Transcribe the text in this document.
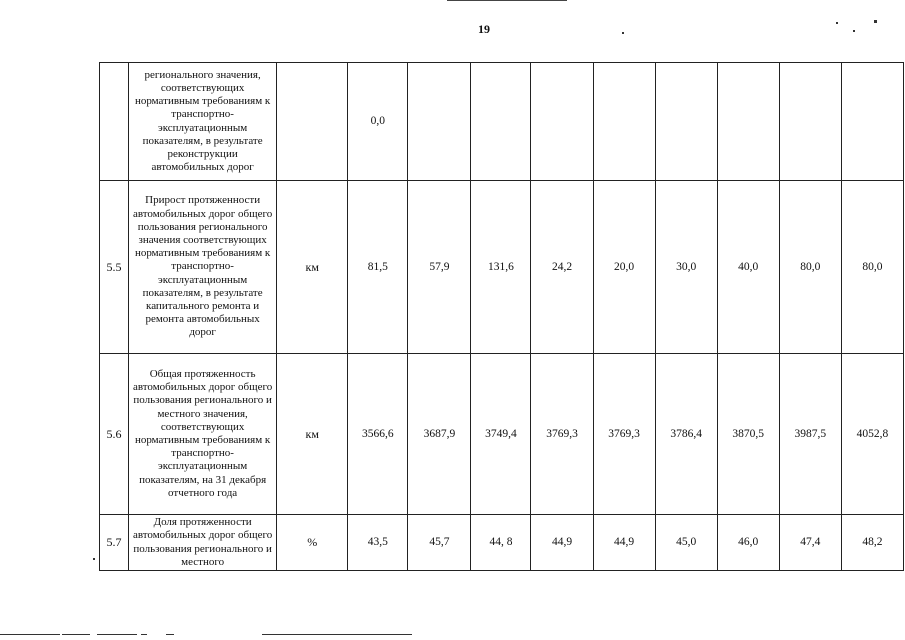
19
	регионального значения, соответствующих нормативным требованиям к транспортно-эксплуатационным показателям, в результате реконструкции автомобильных дорог		0,0								
5.5	Прирост протяженности автомобильных дорог общего пользования регионального значения соответствующих нормативным требованиям к транспортно-эксплуатационным показателям, в результате капитального ремонта и ремонта автомобильных дорог	км	81,5	57,9	131,6	24,2	20,0	30,0	40,0	80,0	80,0
5.6	Общая протяженность автомобильных дорог общего пользования регионального и местного значения, соответствующих нормативным требованиям к транспортно-эксплуатационным показателям, на 31 декабря отчетного года	км	3566,6	3687,9	3749,4	3769,3	3769,3	3786,4	3870,5	3987,5	4052,8
5.7	Доля протяженности автомобильных дорог общего пользования регионального и местного	%	43,5	45,7	44, 8	44,9	44,9	45,0	46,0	47,4	48,2
